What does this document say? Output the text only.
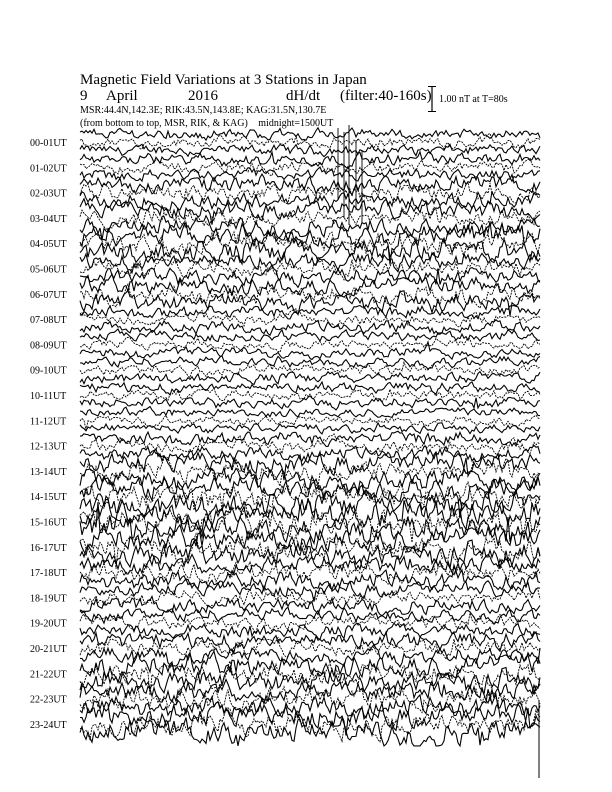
Magnetic Field Variations at 3 Stations in Japan
9 April	2016	dH/dt (filter:40-160s)
MSR:44.4N,142.3E; RIK:43.5N,143.8E; KAG:31.5N,130.7E
(from bottom to top, MSR, RIK, & KAG) midnight=1500UT
1.00 nT at T=80s
00-01UT
01-02UT
02-03UT
03-04UT
04-05UT
05-06UT
06-07UT
07-08UT
08-09UT
09-10UT
10-11UT
11-12UT
12-13UT
13-14UT
14-15UT
15-16UT
16-17UT
17-18UT
18-19UT
19-20UT
20-21UT
21-22UT
22-23UT
23-24UT
